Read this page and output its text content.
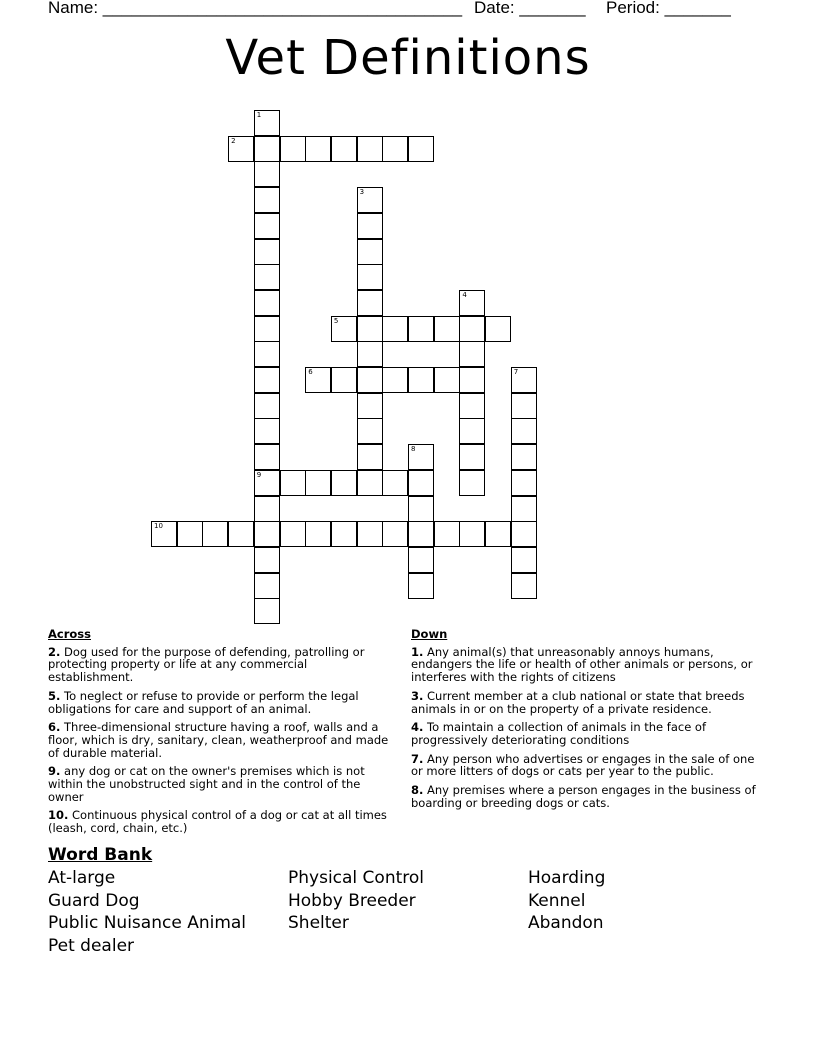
Name: ______________________________________ Date: _______ Period: _______
Vet Definitions
1
2
3
4
5
6	7
8
9
10
Across
2. Dog used for the purpose of defending, patrolling or protecting property or life at any commercial establishment.
5. To neglect or refuse to provide or perform the legal obligations for care and support of an animal.
6. Three-dimensional structure having a roof, walls and a floor, which is dry, sanitary, clean, weatherproof and made of durable material.
9. any dog or cat on the owner's premises which is not within the unobstructed sight and in the control of the owner
10. Continuous physical control of a dog or cat at all times (leash, cord, chain, etc.)
Down
1. Any animal(s) that unreasonably annoys humans, endangers the life or health of other animals or persons, or interferes with the rights of citizens
3. Current member at a club national or state that breeds animals in or on the property of a private residence.
4. To maintain a collection of animals in the face of progressively deteriorating conditions
7. Any person who advertises or engages in the sale of one or more litters of dogs or cats per year to the public.
8. Any premises where a person engages in the business of boarding or breeding dogs or cats.
Word Bank
At-large
Guard Dog
Public Nuisance Animal
Pet dealer
Physical Control
Hobby Breeder
Shelter
Hoarding
Kennel
Abandon
